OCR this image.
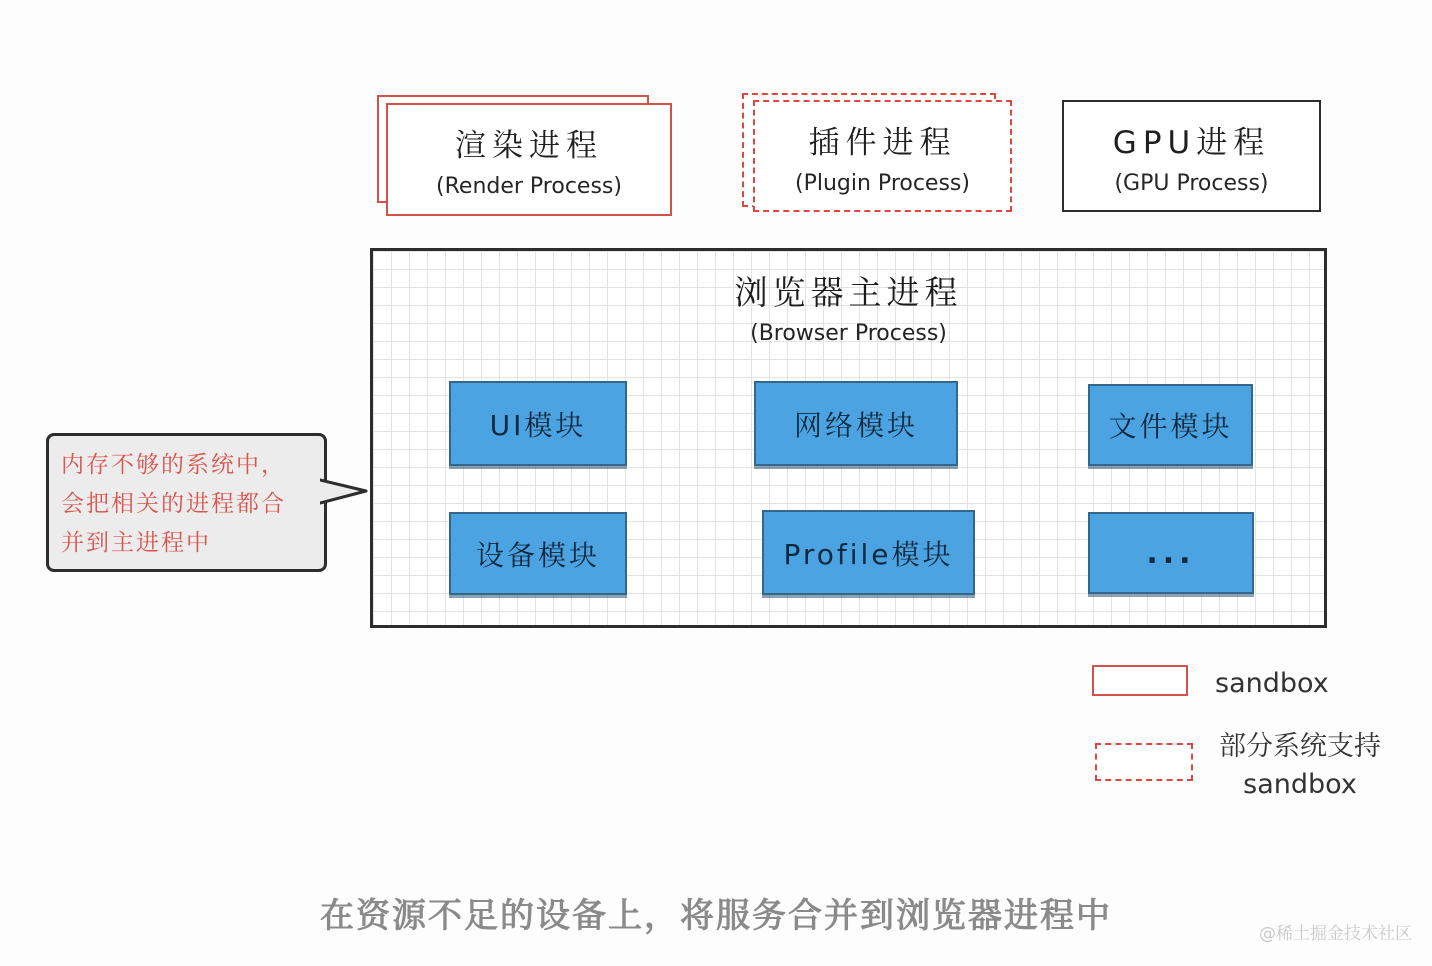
渲染进程
(Render Process)
插件进程
(Plugin Process)
GPU进程
(GPU Process)
浏览器主进程
(Browser Process)
UI模块	网络模块	文件模块
设备模块	Profile模块	...
内存不够的系统中，
会把相关的进程都合
并到主进程中
sandbox
部分系统支持
sandbox
在资源不足的设备上，将服务合并到浏览器进程中	@稀土掘金技术社区
